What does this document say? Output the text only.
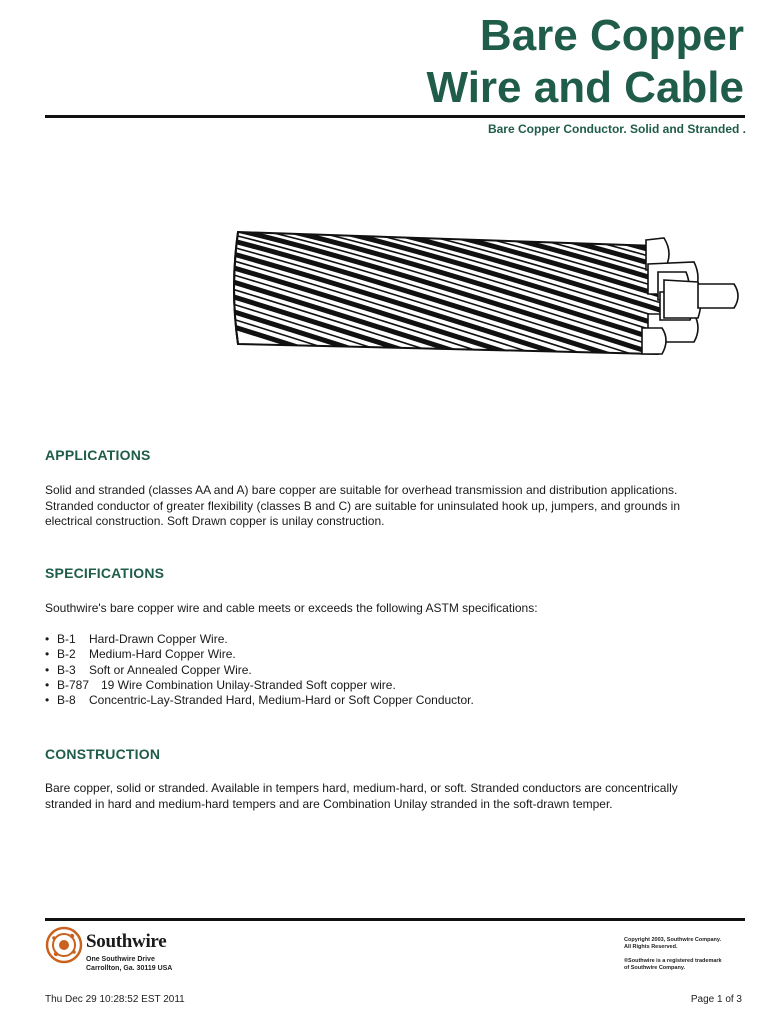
Bare Copper
Wire and Cable

Bare Copper Conductor. Solid and Stranded .

APPLICATIONS
Solid and stranded (classes AA and A) bare copper are suitable for overhead transmission and distribution applications.
Stranded conductor of greater flexibility (classes B and C) are suitable for uninsulated hook up, jumpers, and grounds in
electrical construction. Soft Drawn copper is unilay construction.
SPECIFICATIONS

Southwire's bare copper wire and cable meets or exceeds the following ASTM specifications:

• B-1 Hard-Drawn Copper Wire.
• B-2 Medium-Hard Copper Wire.
• B-3 Soft or Annealed Copper Wire.
• B-787 19 Wire Combination Unilay-Stranded Soft copper wire.
• B-8 Concentric-Lay-Stranded Hard, Medium-Hard or Soft Copper Conductor.
CONSTRUCTION
Bare copper, solid or stranded. Available in tempers hard, medium-hard, or soft. Stranded conductors are concentrically
stranded in hard and medium-hard tempers and are Combination Unilay stranded in the soft-drawn temper.
Southwire
One Southwire Drive
Carrollton, Ga. 30119 USA
Copyright 2003, Southwire Company.
All Rights Reserved.
®Southwire is a registered trademark
of Southwire Company.
Thu Dec 29 10:28:52 EST 2011	Page 1 of 3
